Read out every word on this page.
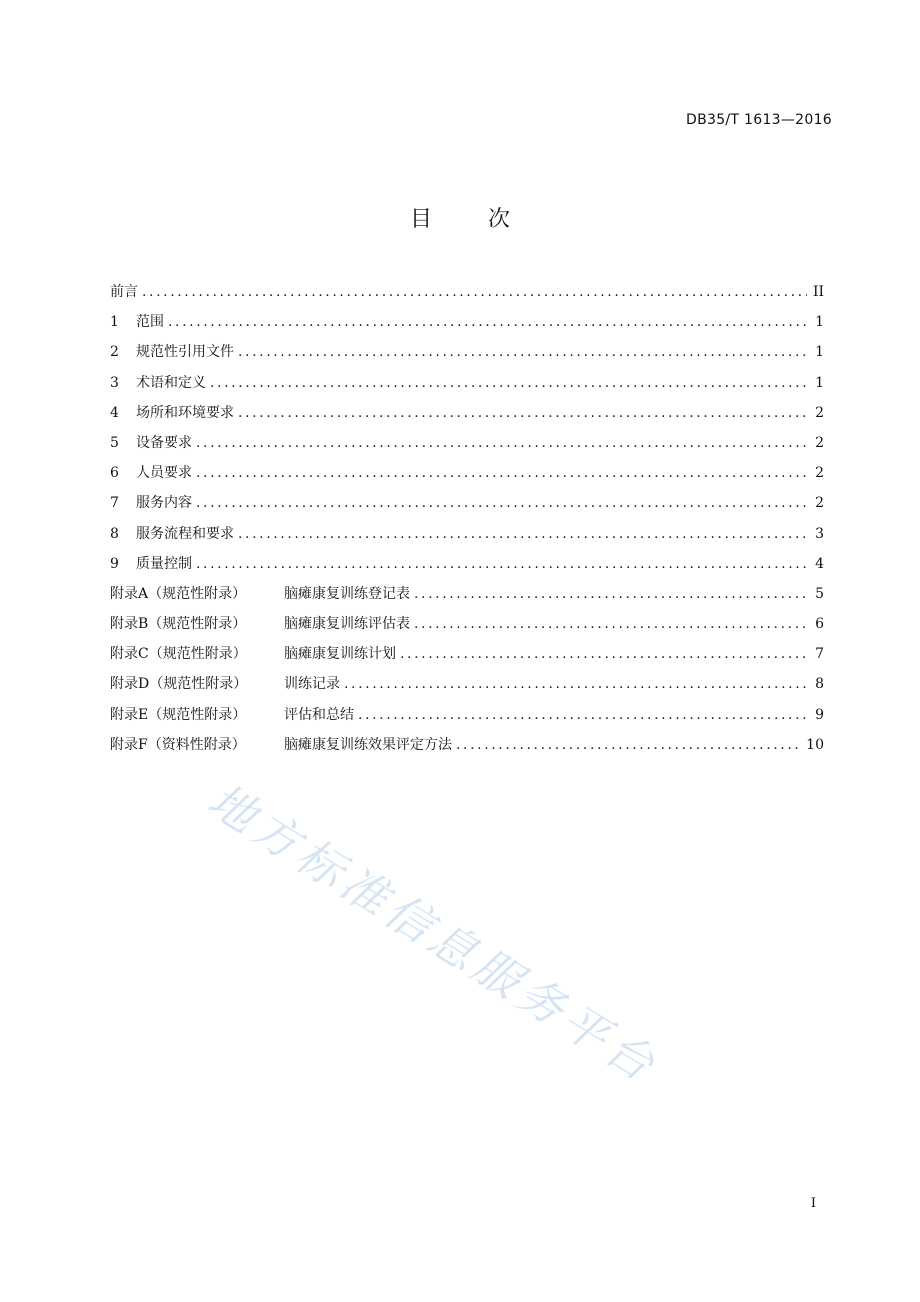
DB35/T 1613—2016
目	次
前言 .....	II
1 范围 .....	1
2 规范性引用文件 .....	1
3 术语和定义 .....	1
4 场所和环境要求 .....	2
5 设备要求 .....	2
6 人员要求 .....	2
7 服务内容 .....	2
8 服务流程和要求 .....	3
9 质量控制 .....	4
附录A（规范性附录）	脑瘫康复训练登记表 .....	5
附录B（规范性附录）	脑瘫康复训练评估表 .....	6
附录C（规范性附录）	脑瘫康复训练计划 .....	7
附录D（规范性附录）	训练记录 .....	8
附录E（规范性附录）	评估和总结 .....	9
附录F（资料性附录）	脑瘫康复训练效果评定方法 .....	10
地方标准信息服务平台
I
